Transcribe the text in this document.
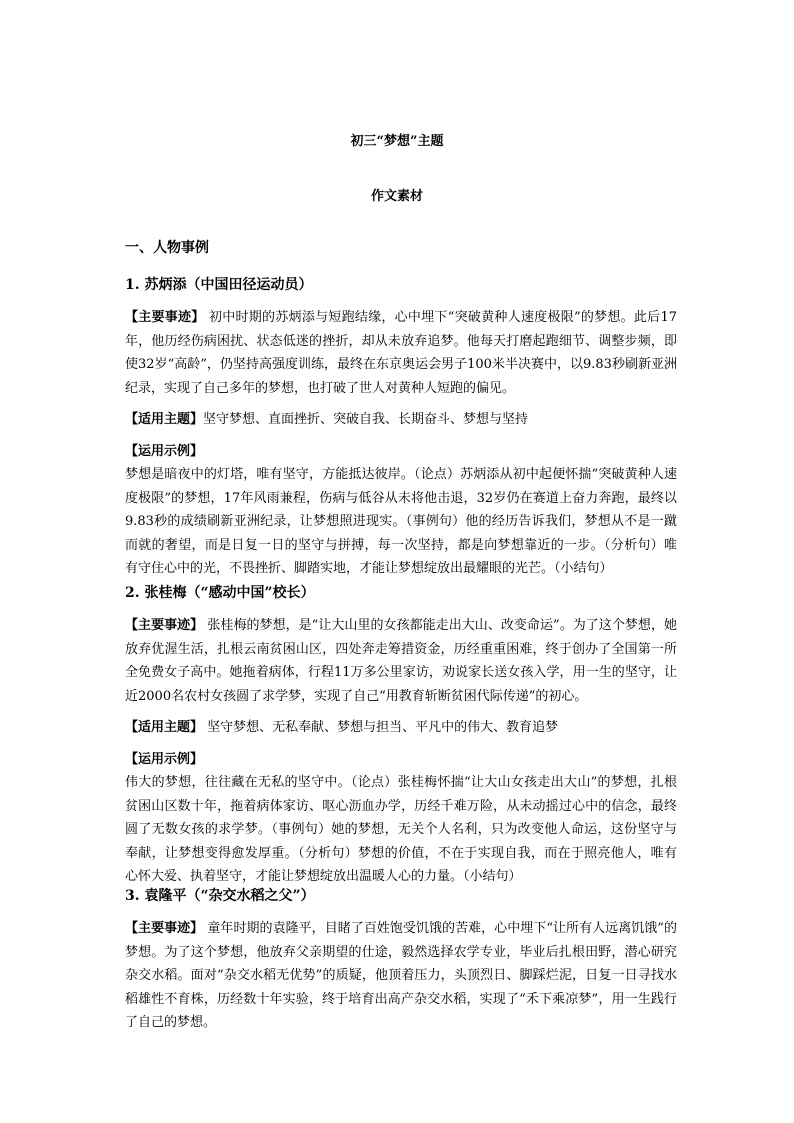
初三“梦想”主题
作文素材
一、人物事例

1. 苏炳添（中国田径运动员）

【主要事迹】 初中时期的苏炳添与短跑结缘，心中埋下“突破黄种人速度极限”的梦想。此后17年，他历经伤病困扰、状态低迷的挫折，却从未放弃追梦。他每天打磨起跑细节、调整步频，即使32岁“高龄”，仍坚持高强度训练，最终在东京奥运会男子100米半决赛中，以9.83秒刷新亚洲纪录，实现了自己多年的梦想，也打破了世人对黄种人短跑的偏见。

【适用主题】坚守梦想、直面挫折、突破自我、长期奋斗、梦想与坚持

【运用示例】

梦想是暗夜中的灯塔，唯有坚守，方能抵达彼岸。（论点）苏炳添从初中起便怀揣“突破黄种人速度极限”的梦想，17年风雨兼程，伤病与低谷从未将他击退，32岁仍在赛道上奋力奔跑，最终以9.83秒的成绩刷新亚洲纪录，让梦想照进现实。（事例句）他的经历告诉我们，梦想从不是一蹴而就的奢望，而是日复一日的坚守与拼搏，每一次坚持，都是向梦想靠近的一步。（分析句）唯有守住心中的光，不畏挫折、脚踏实地，才能让梦想绽放出最耀眼的光芒。（小结句）

2. 张桂梅（“感动中国”校长）

【主要事迹】 张桂梅的梦想，是“让大山里的女孩都能走出大山、改变命运”。为了这个梦想，她放弃优渥生活，扎根云南贫困山区，四处奔走筹措资金，历经重重困难，终于创办了全国第一所全免费女子高中。她拖着病体，行程11万多公里家访，劝说家长送女孩入学，用一生的坚守，让近2000名农村女孩圆了求学梦，实现了自己“用教育斩断贫困代际传递”的初心。

【适用主题】 坚守梦想、无私奉献、梦想与担当、平凡中的伟大、教育追梦

【运用示例】

伟大的梦想，往往藏在无私的坚守中。（论点）张桂梅怀揣“让大山女孩走出大山”的梦想，扎根贫困山区数十年，拖着病体家访、呕心沥血办学，历经千难万险，从未动摇过心中的信念，最终圆了无数女孩的求学梦。（事例句）她的梦想，无关个人名利，只为改变他人命运，这份坚守与奉献，让梦想变得愈发厚重。（分析句）梦想的价值，不在于实现自我，而在于照亮他人，唯有心怀大爱、执着坚守，才能让梦想绽放出温暖人心的力量。（小结句）

3. 袁隆平（“杂交水稻之父”）

【主要事迹】 童年时期的袁隆平，目睹了百姓饱受饥饿的苦难，心中埋下“让所有人远离饥饿”的梦想。为了这个梦想，他放弃父亲期望的仕途，毅然选择农学专业，毕业后扎根田野，潜心研究杂交水稻。面对“杂交水稻无优势”的质疑，他顶着压力，头顶烈日、脚踩烂泥，日复一日寻找水稻雄性不育株，历经数十年实验，终于培育出高产杂交水稻，实现了“禾下乘凉梦”，用一生践行了自己的梦想。
